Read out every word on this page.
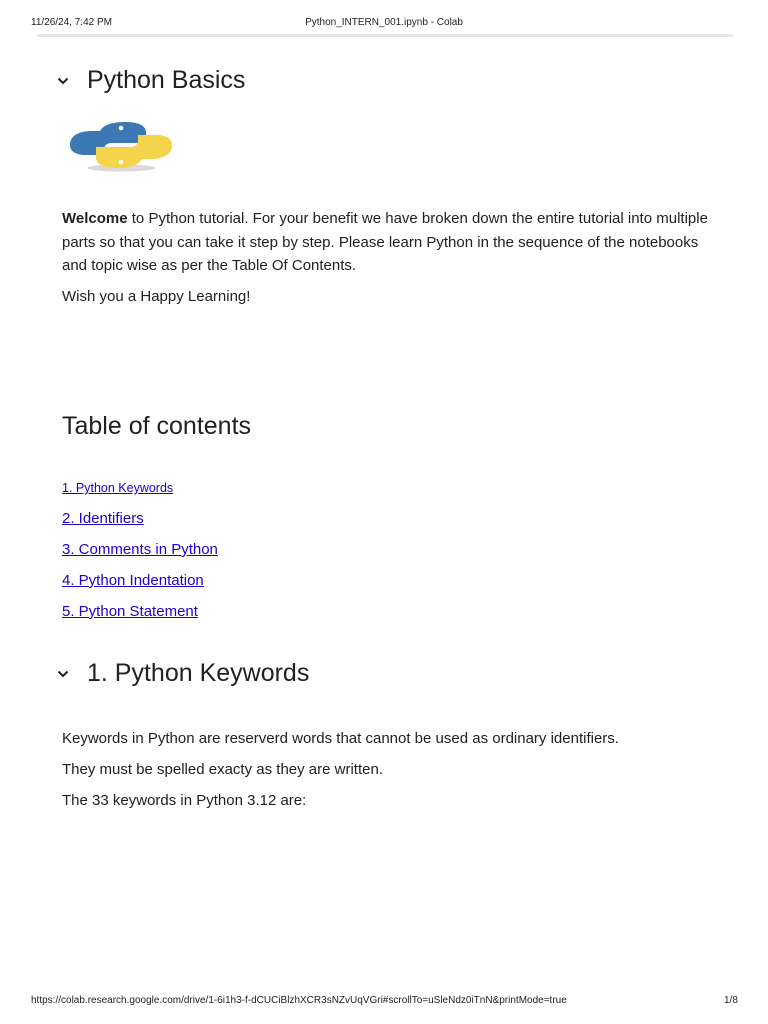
11/26/24, 7:42 PM	Python_INTERN_001.ipynb - Colab
Python Basics

Welcome to Python tutorial. For your benefit we have broken down the entire tutorial into multiple parts so that you can take it step by step. Please learn Python in the sequence of the notebooks and topic wise as per the Table Of Contents.

Wish you a Happy Learning!

Table of contents
1. Python Keywords
2. Identifiers
3. Comments in Python
4. Python Indentation
5. Python Statement
1. Python Keywords

Keywords in Python are reserverd words that cannot be used as ordinary identifiers.

They must be spelled exacty as they are written.

The 33 keywords in Python 3.12 are:

https://colab.research.google.com/drive/1-6i1h3-f-dCUCiBlzhXCR3sNZvUqVGri#scrollTo=uSleNdz0iTnN&printMode=true	1/8
